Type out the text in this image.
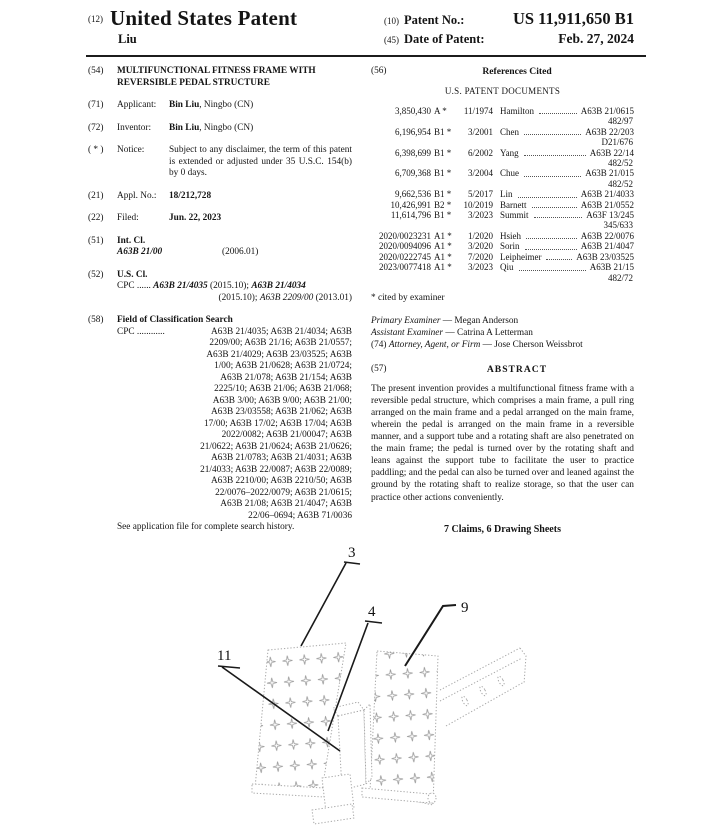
(12) United States Patent
Liu
(10) Patent No.:	US 11,911,650 B1
(45) Date of Patent:	Feb. 27, 2024
(54)	MULTIFUNCTIONAL FITNESS FRAME WITH REVERSIBLE PEDAL STRUCTURE
(71)	Applicant: Bin Liu, Ningbo (CN)
(72)	Inventor: Bin Liu, Ningbo (CN)
( * )	Notice:	Subject to any disclaimer, the term of this patent is extended or adjusted under 35 U.S.C. 154(b) by 0 days.
(21)	Appl. No.: 18/212,728
(22)	Filed:	Jun. 22, 2023
(51)	Int. Cl.
A63B 21/00	(2006.01)
(52)	U.S. Cl.
CPC ...... A63B 21/4035 (2015.10); A63B 21/4034
(2015.10); A63B 2209/00 (2013.01)
(58)	Field of Classification Search
CPC ............	A63B 21/4035; A63B 21/4034; A63B
2209/00; A63B 21/16; A63B 21/0557;
A63B 21/4029; A63B 23/03525; A63B
1/00; A63B 21/0628; A63B 21/0724;
A63B 21/078; A63B 21/154; A63B
2225/10; A63B 21/06; A63B 21/068;
A63B 3/00; A63B 9/00; A63B 21/00;
A63B 23/03558; A63B 21/062; A63B
17/00; A63B 17/02; A63B 17/04; A63B
2022/0082; A63B 21/00047; A63B
21/0622; A63B 21/0624; A63B 21/0626;
A63B 21/0783; A63B 21/4031; A63B
21/4033; A63B 22/0087; A63B 22/0089;
A63B 2210/00; A63B 2210/50; A63B
22/0076–2022/0079; A63B 21/0615;
A63B 21/08; A63B 21/4047; A63B
22/06–0694; A63B 71/0036
See application file for complete search history.
(56)	References Cited
U.S. PATENT DOCUMENTS
3,850,430 A *	11/1974 Hamilton	A63B 21/0615
482/97
6,196,954 B1 *	3/2001 Chen	A63B 22/203
D21/676
6,398,699 B1 *	6/2002 Yang	A63B 22/14
482/52
6,709,368 B1 *	3/2004 Chue	A63B 21/015
482/52
9,662,536 B1 *	5/2017 Lin	A63B 21/4033
10,426,991 B2 *	10/2019 Barnett	A63B 21/0552
11,614,796 B1 *	3/2023 Summit	A63F 13/245
345/633
2020/0023231 A1 *	1/2020 Hsieh	A63B 22/0076
2020/0094096 A1 *	3/2020 Sorin	A63B 21/4047
2020/0222745 A1 *	7/2020 Leipheimer	A63B 23/03525
2023/0077418 A1 *	3/2023 Qiu	A63B 21/15
482/72
* cited by examiner
Primary Examiner — Megan Anderson
Assistant Examiner — Catrina A Letterman
(74) Attorney, Agent, or Firm — Jose Cherson Weissbrot
(57)	ABSTRACT
The present invention provides a multifunctional fitness frame with a reversible pedal structure, which comprises a main frame, a pull ring arranged on the main frame and a pedal arranged on the main frame, wherein the pedal is arranged on the main frame in a reversible manner, and a support tube and a rotating shaft are also penetrated on the main frame; the pedal is turned over by the rotating shaft and leans against the support tube to facilitate the user to practice paddling; and the pedal can also be turned over and leaned against the ground by the rotating shaft to realize storage, so that the user can practice other actions conveniently.
7 Claims, 6 Drawing Sheets
3
4	9
11
